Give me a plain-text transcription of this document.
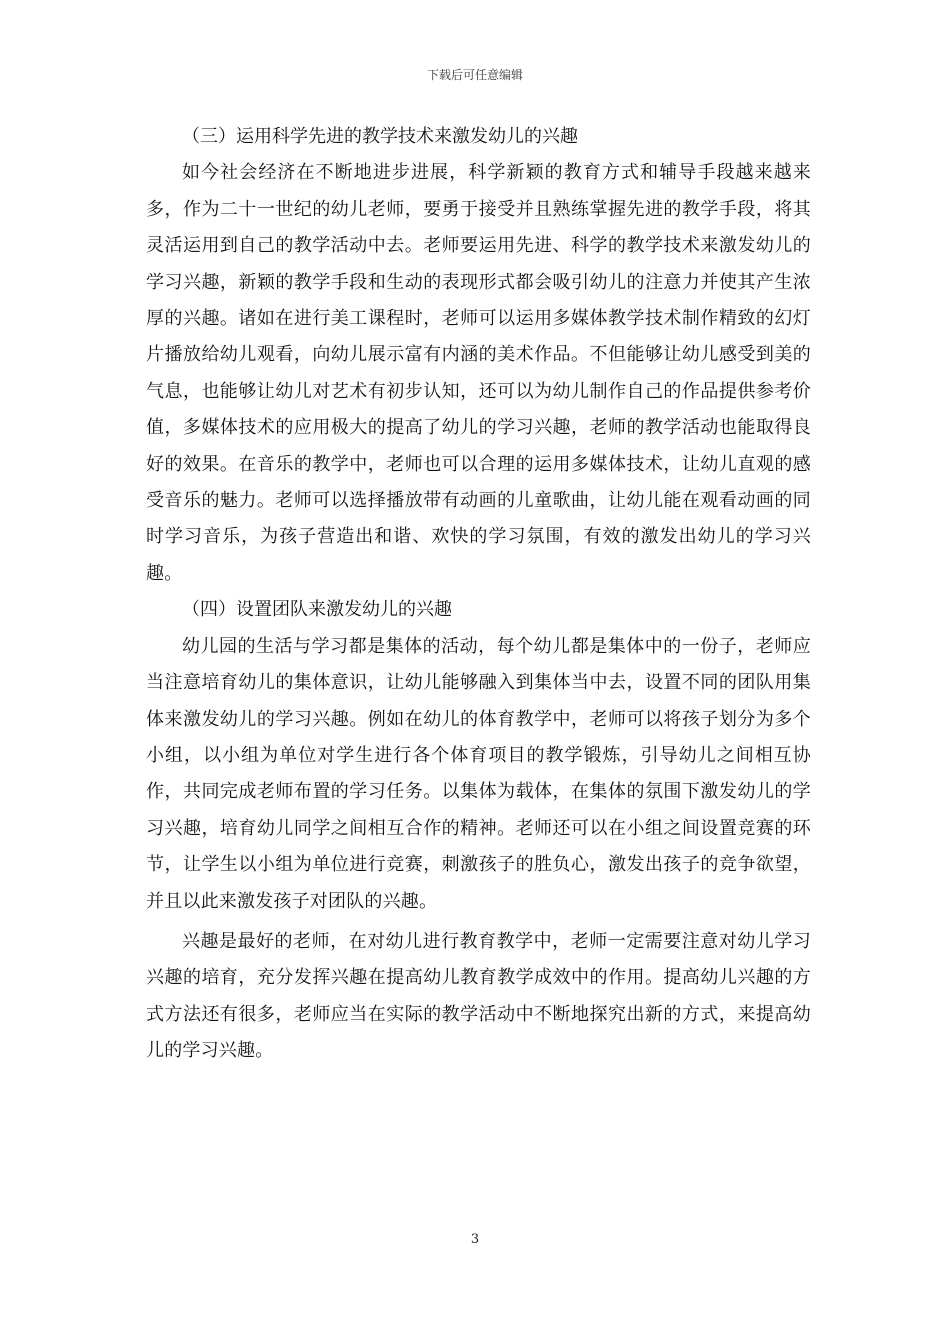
下载后可任意编辑

（三）运用科学先进的教学技术来激发幼儿的兴趣

如今社会经济在不断地进步进展，科学新颖的教育方式和辅导手段越来越来多，作为二十一世纪的幼儿老师，要勇于接受并且熟练掌握先进的教学手段，将其灵活运用到自己的教学活动中去。老师要运用先进、科学的教学技术来激发幼儿的学习兴趣，新颖的教学手段和生动的表现形式都会吸引幼儿的注意力并使其产生浓厚的兴趣。诸如在进行美工课程时，老师可以运用多媒体教学技术制作精致的幻灯片播放给幼儿观看，向幼儿展示富有内涵的美术作品。不但能够让幼儿感受到美的气息，也能够让幼儿对艺术有初步认知，还可以为幼儿制作自己的作品提供参考价值，多媒体技术的应用极大的提高了幼儿的学习兴趣，老师的教学活动也能取得良好的效果。在音乐的教学中，老师也可以合理的运用多媒体技术，让幼儿直观的感受音乐的魅力。老师可以选择播放带有动画的儿童歌曲，让幼儿能在观看动画的同时学习音乐，为孩子营造出和谐、欢快的学习氛围，有效的激发出幼儿的学习兴趣。

（四）设置团队来激发幼儿的兴趣

幼儿园的生活与学习都是集体的活动，每个幼儿都是集体中的一份子，老师应当注意培育幼儿的集体意识，让幼儿能够融入到集体当中去，设置不同的团队用集体来激发幼儿的学习兴趣。例如在幼儿的体育教学中，老师可以将孩子划分为多个小组，以小组为单位对学生进行各个体育项目的教学锻炼，引导幼儿之间相互协作，共同完成老师布置的学习任务。以集体为载体，在集体的氛围下激发幼儿的学习兴趣，培育幼儿同学之间相互合作的精神。老师还可以在小组之间设置竞赛的环节，让学生以小组为单位进行竞赛，刺激孩子的胜负心，激发出孩子的竞争欲望，并且以此来激发孩子对团队的兴趣。

兴趣是最好的老师，在对幼儿进行教育教学中，老师一定需要注意对幼儿学习兴趣的培育，充分发挥兴趣在提高幼儿教育教学成效中的作用。提高幼儿兴趣的方式方法还有很多，老师应当在实际的教学活动中不断地探究出新的方式，来提高幼儿的学习兴趣。

3
